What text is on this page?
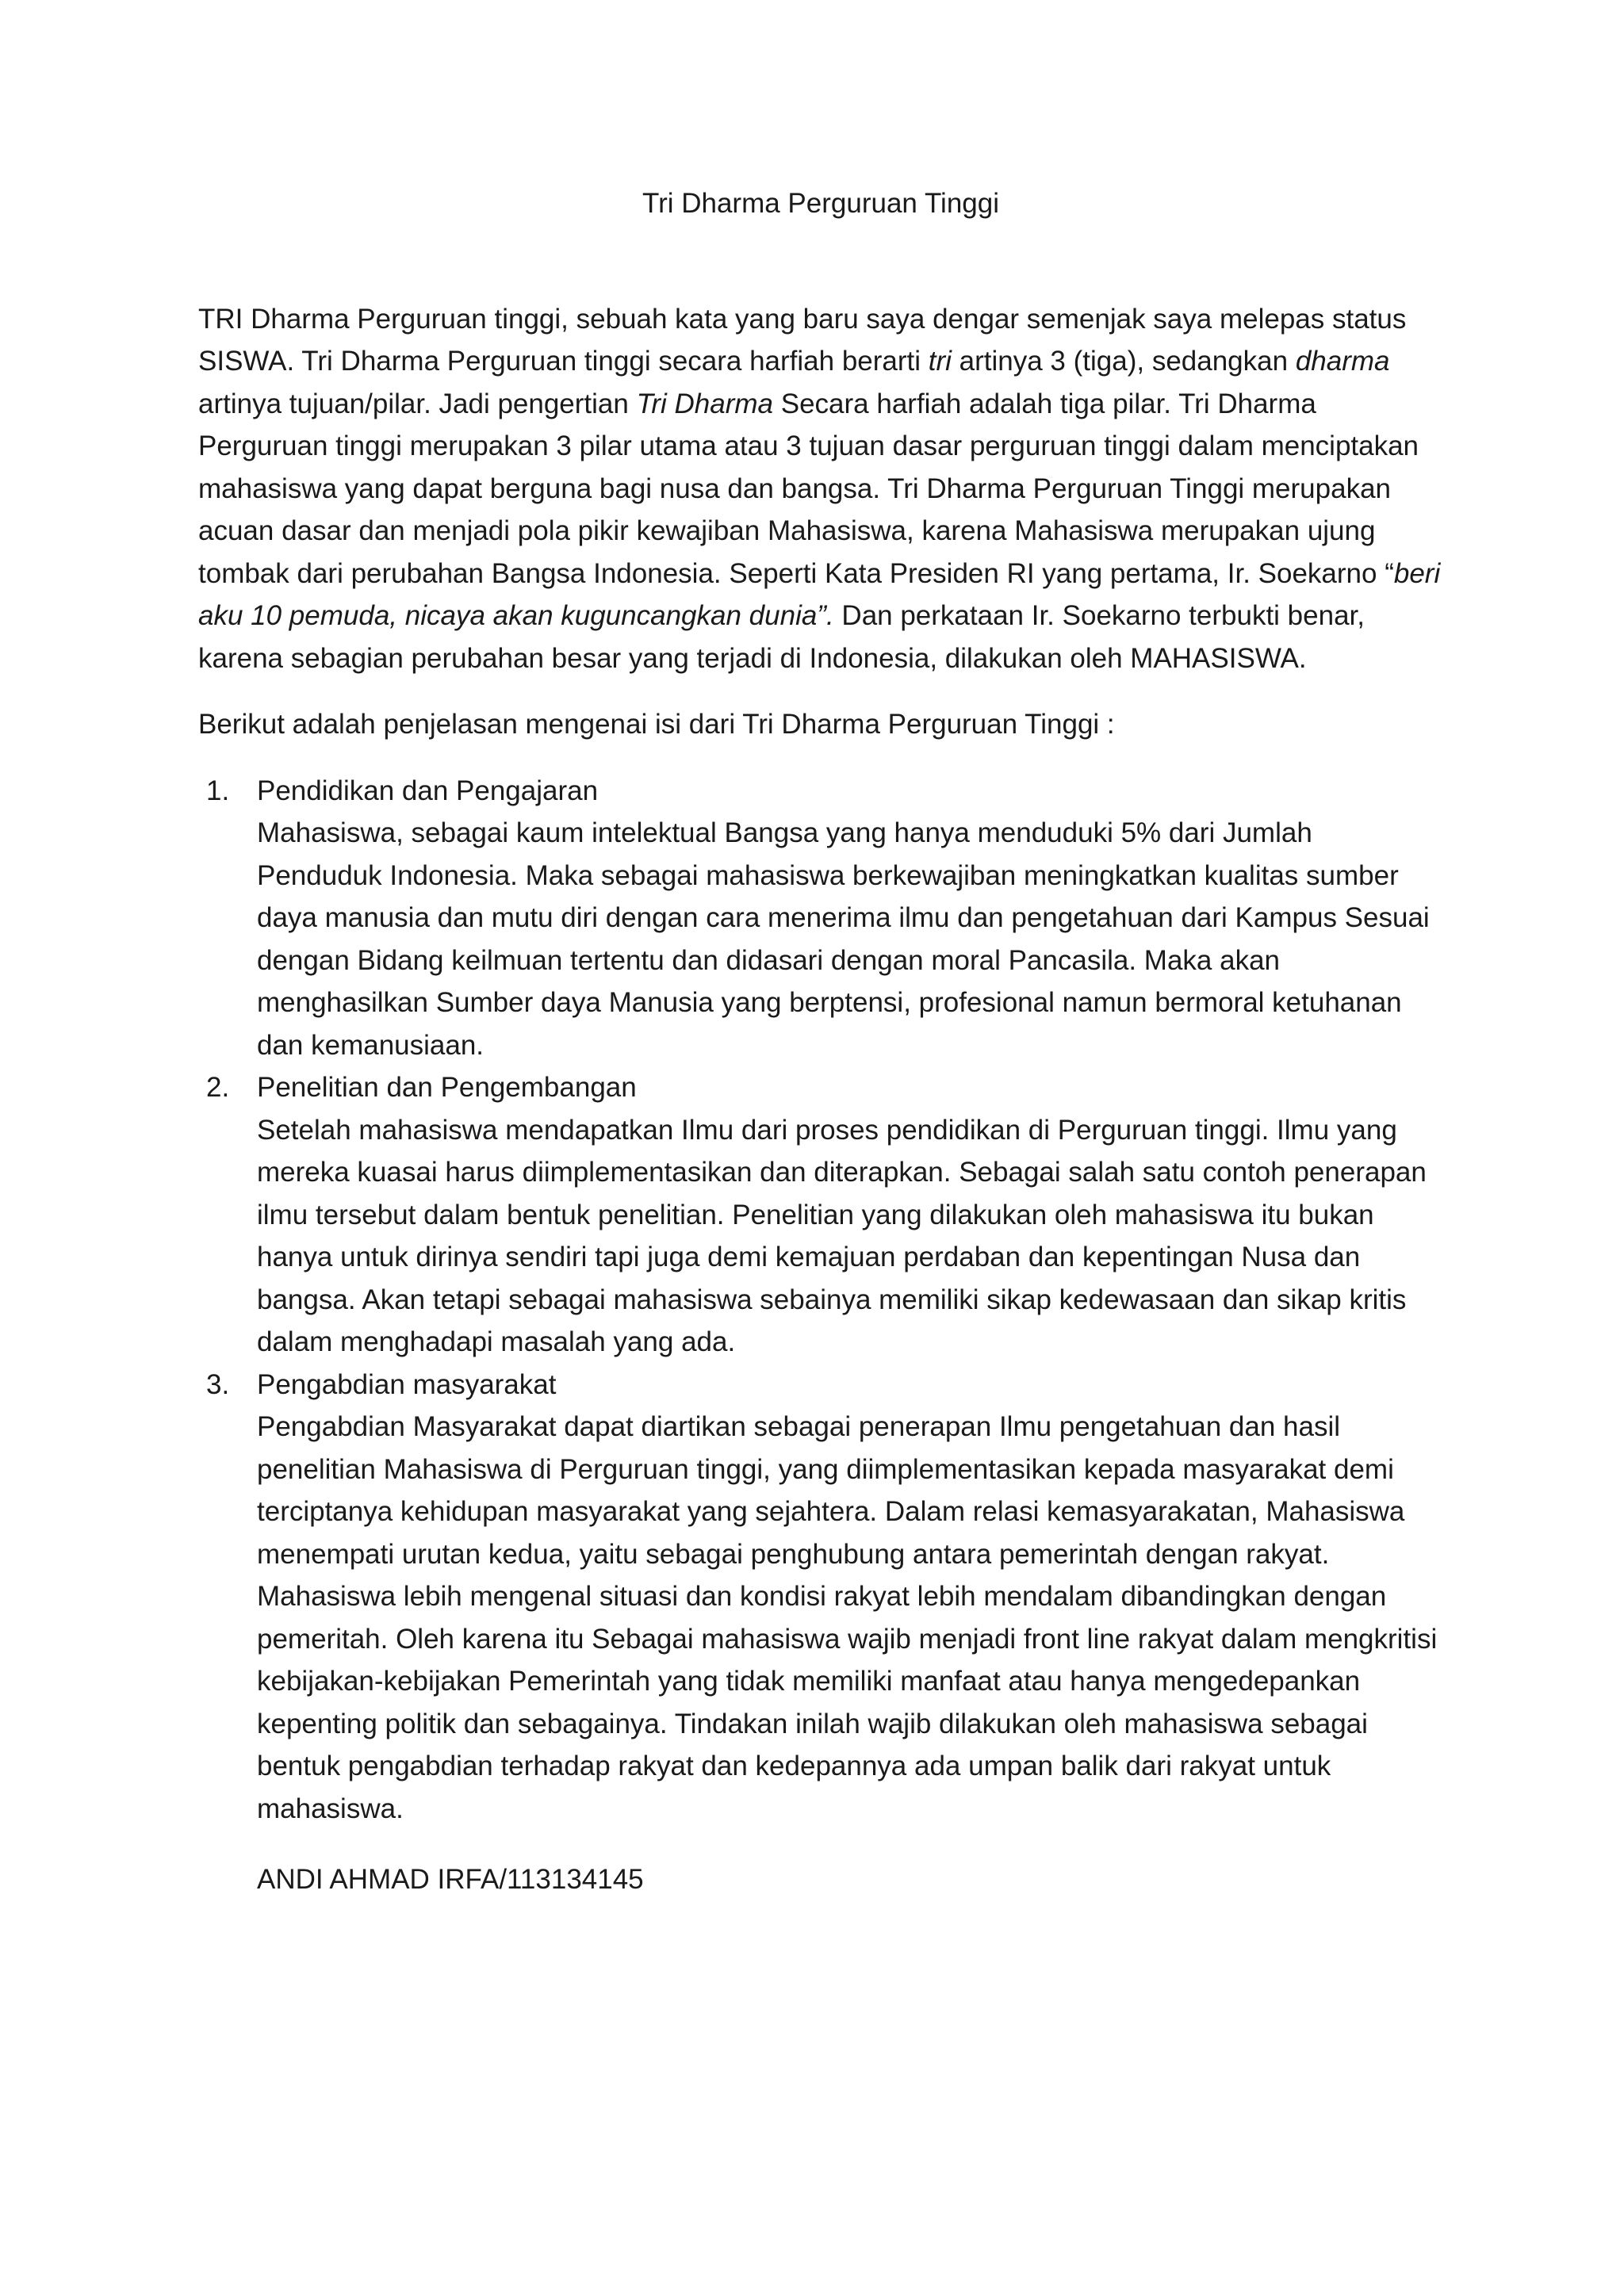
Tri Dharma Perguruan Tinggi

TRI Dharma Perguruan tinggi, sebuah kata yang baru saya dengar semenjak saya melepas status SISWA. Tri Dharma Perguruan tinggi secara harfiah berarti tri artinya 3 (tiga), sedangkan dharma artinya tujuan/pilar. Jadi pengertian Tri Dharma Secara harfiah adalah tiga pilar. Tri Dharma Perguruan tinggi merupakan 3 pilar utama atau 3 tujuan dasar perguruan tinggi dalam menciptakan mahasiswa yang dapat berguna bagi nusa dan bangsa. Tri Dharma Perguruan Tinggi merupakan acuan dasar dan menjadi pola pikir kewajiban Mahasiswa, karena Mahasiswa merupakan ujung tombak dari perubahan Bangsa Indonesia. Seperti Kata Presiden RI yang pertama, Ir. Soekarno “beri aku 10 pemuda, nicaya akan kuguncangkan dunia”. Dan perkataan Ir. Soekarno terbukti benar, karena sebagian perubahan besar yang terjadi di Indonesia, dilakukan oleh MAHASISWA.

Berikut adalah penjelasan mengenai isi dari Tri Dharma Perguruan Tinggi :

1. Pendidikan dan Pengajaran
Mahasiswa, sebagai kaum intelektual Bangsa yang hanya menduduki 5% dari Jumlah Penduduk Indonesia. Maka sebagai mahasiswa berkewajiban meningkatkan kualitas sumber daya manusia dan mutu diri dengan cara menerima ilmu dan pengetahuan dari Kampus Sesuai dengan Bidang keilmuan tertentu dan didasari dengan moral Pancasila. Maka akan menghasilkan Sumber daya Manusia yang berptensi, profesional namun bermoral ketuhanan dan kemanusiaan.
2. Penelitian dan Pengembangan
Setelah mahasiswa mendapatkan Ilmu dari proses pendidikan di Perguruan tinggi. Ilmu yang mereka kuasai harus diimplementasikan dan diterapkan. Sebagai salah satu contoh penerapan ilmu tersebut dalam bentuk penelitian. Penelitian yang dilakukan oleh mahasiswa itu bukan hanya untuk dirinya sendiri tapi juga demi kemajuan perdaban dan kepentingan Nusa dan bangsa. Akan tetapi sebagai mahasiswa sebainya memiliki sikap kedewasaan dan sikap kritis dalam menghadapi masalah yang ada.
3. Pengabdian masyarakat
Pengabdian Masyarakat dapat diartikan sebagai penerapan Ilmu pengetahuan dan hasil penelitian Mahasiswa di Perguruan tinggi, yang diimplementasikan kepada masyarakat demi terciptanya kehidupan masyarakat yang sejahtera. Dalam relasi kemasyarakatan, Mahasiswa menempati urutan kedua, yaitu sebagai penghubung antara pemerintah dengan rakyat. Mahasiswa lebih mengenal situasi dan kondisi rakyat lebih mendalam dibandingkan dengan pemeritah. Oleh karena itu Sebagai mahasiswa wajib menjadi front line rakyat dalam mengkritisi kebijakan-kebijakan Pemerintah yang tidak memiliki manfaat atau hanya mengedepankan kepenting politik dan sebagainya. Tindakan inilah wajib dilakukan oleh mahasiswa sebagai bentuk pengabdian terhadap rakyat dan kedepannya ada umpan balik dari rakyat untuk mahasiswa.
ANDI AHMAD IRFA/113134145
